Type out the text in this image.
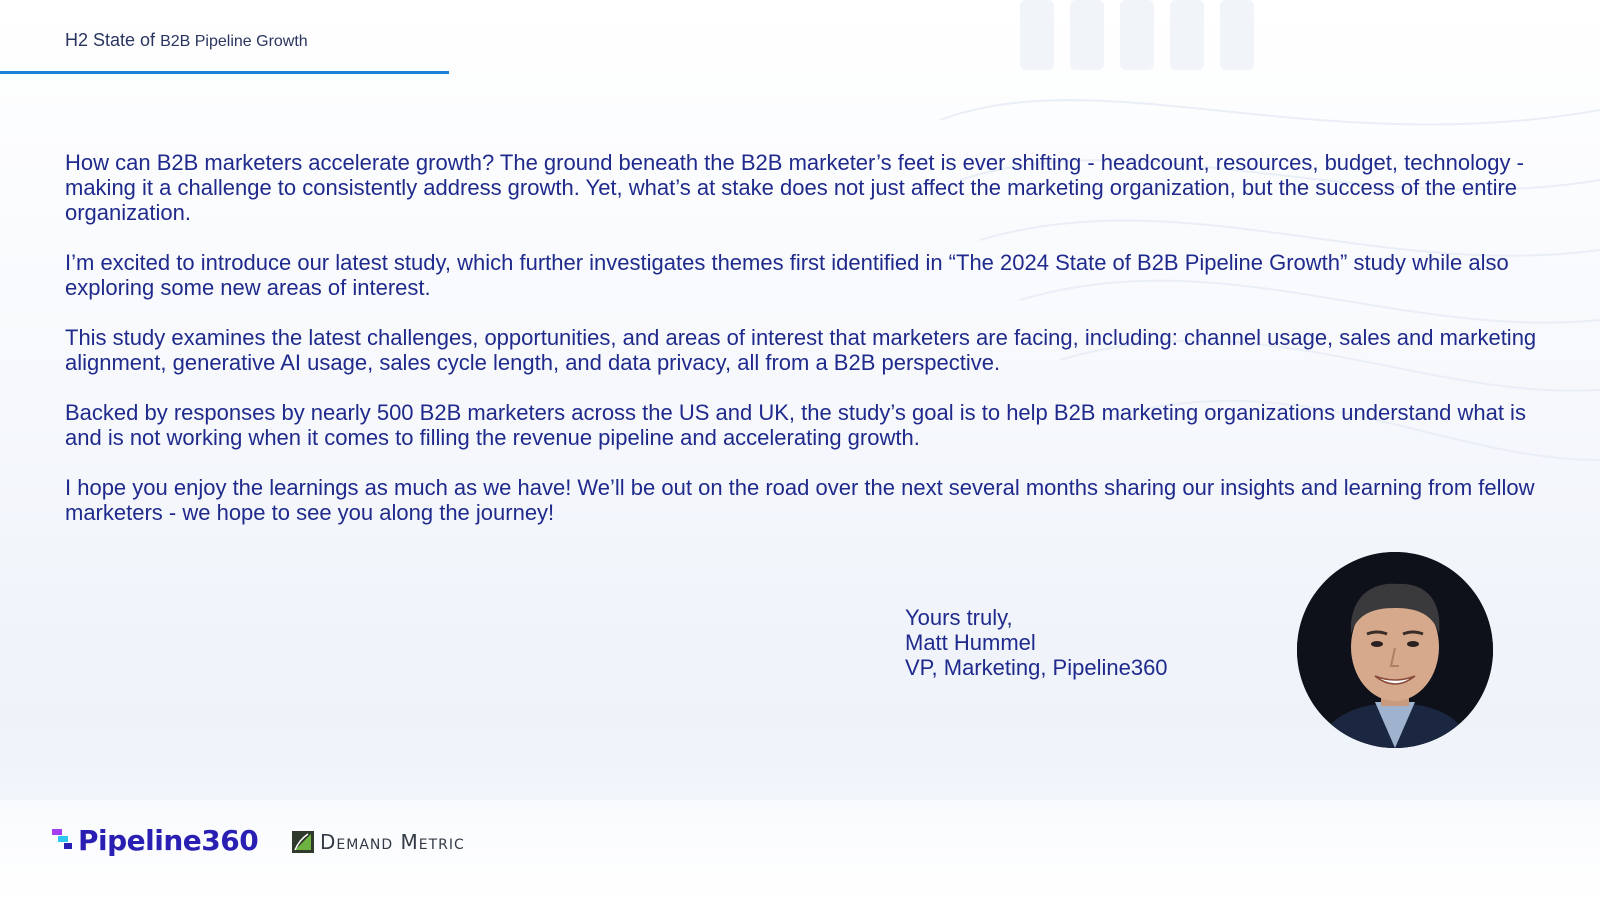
H2 State of B2B Pipeline Growth

How can B2B marketers accelerate growth? The ground beneath the B2B marketer’s feet is ever shifting - headcount, resources, budget, technology - making it a challenge to consistently address growth. Yet, what’s at stake does not just affect the marketing organization, but the success of the entire organization.

I’m excited to introduce our latest study, which further investigates themes first identified in “The 2024 State of B2B Pipeline Growth” study while also exploring some new areas of interest.

This study examines the latest challenges, opportunities, and areas of interest that marketers are facing, including: channel usage, sales and marketing alignment, generative AI usage, sales cycle length, and data privacy, all from a B2B perspective.

Backed by responses by nearly 500 B2B marketers across the US and UK, the study’s goal is to help B2B marketing organizations understand what is and is not working when it comes to filling the revenue pipeline and accelerating growth.

I hope you enjoy the learnings as much as we have! We’ll be out on the road over the next several months sharing our insights and learning from fellow marketers - we hope to see you along the journey!

Yours truly,
Matt Hummel
VP, Marketing, Pipeline360
Pipeline360	Demand Metric
